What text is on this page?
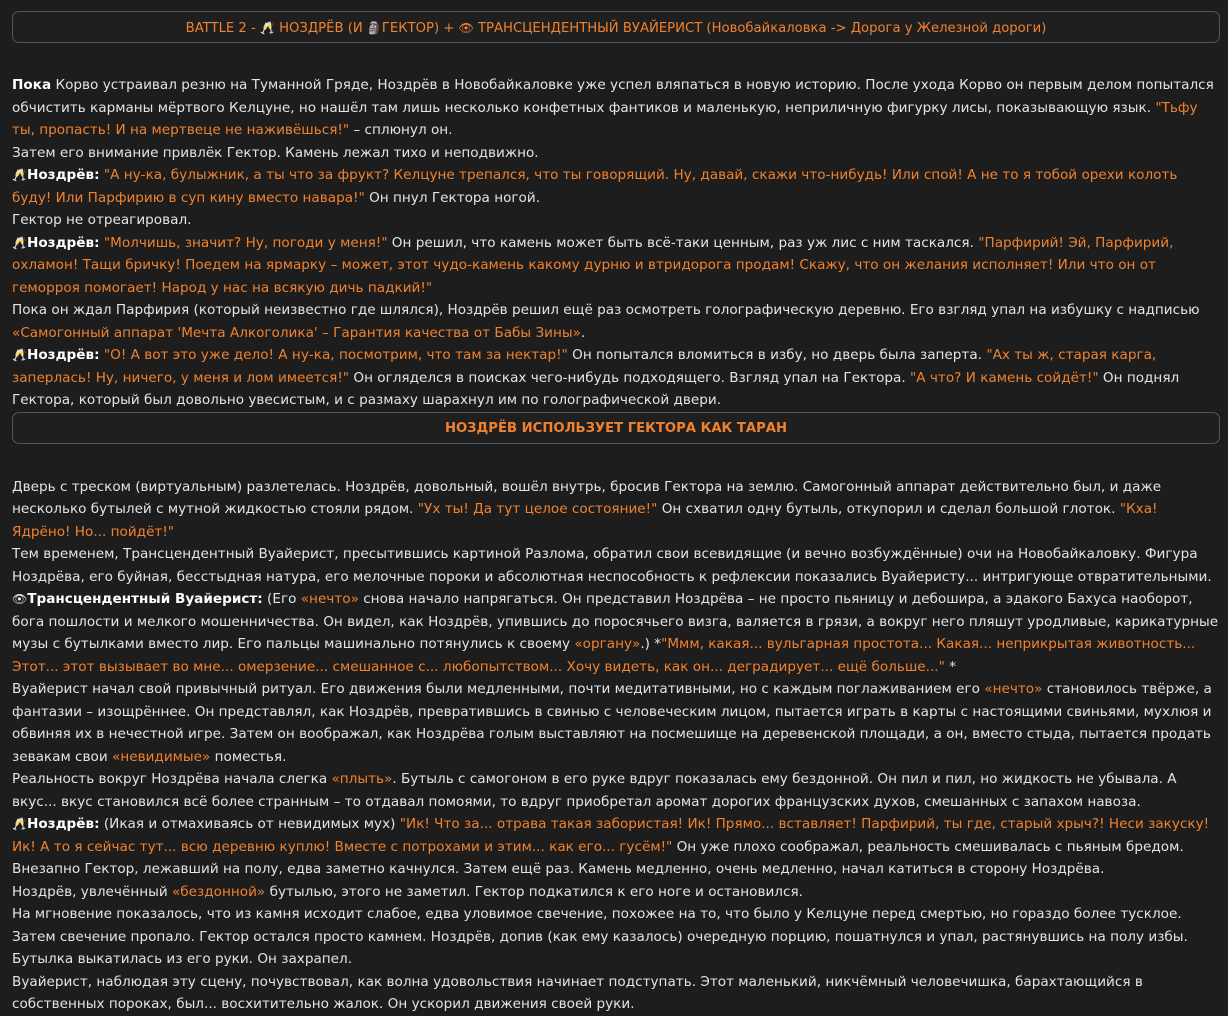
BATTLE 2 - 🥂 НОЗДРЁВ (И 🗿ГЕКТОР) + 👁 ТРАНСЦЕНДЕНТНЫЙ ВУАЙЕРИСТ (Новобайкаловка -> Дорога у Железной дороги)

Пока Корво устраивал резню на Туманной Гряде, Ноздрёв в Новобайкаловке уже успел вляпаться в новую историю. После ухода Корво он первым делом попытался обчистить карманы мёртвого Келцуне, но нашёл там лишь несколько конфетных фантиков и маленькую, неприличную фигурку лисы, показывающую язык. "Тьфу ты, пропасть! И на мертвеце не наживёшься!" – сплюнул он.

Затем его внимание привлёк Гектор. Камень лежал тихо и неподвижно.

🥂Ноздрёв: "А ну-ка, булыжник, а ты что за фрукт? Келцуне трепался, что ты говорящий. Ну, давай, скажи что-нибудь! Или спой! А не то я тобой орехи колоть буду! Или Парфирию в суп кину вместо навара!" Он пнул Гектора ногой.

Гектор не отреагировал.

🥂Ноздрёв: "Молчишь, значит? Ну, погоди у меня!" Он решил, что камень может быть всё-таки ценным, раз уж лис с ним таскался. "Парфирий! Эй, Парфирий, охламон! Тащи бричку! Поедем на ярмарку – может, этот чудо-камень какому дурню и втридорога продам! Скажу, что он желания исполняет! Или что он от геморроя помогает! Народ у нас на всякую дичь падкий!"

Пока он ждал Парфирия (который неизвестно где шлялся), Ноздрёв решил ещё раз осмотреть голографическую деревню. Его взгляд упал на избушку с надписью «Самогонный аппарат 'Мечта Алкоголика' – Гарантия качества от Бабы Зины».

🥂Ноздрёв: "О! А вот это уже дело! А ну-ка, посмотрим, что там за нектар!" Он попытался вломиться в избу, но дверь была заперта. "Ах ты ж, старая карга, заперлась! Ну, ничего, у меня и лом имеется!" Он огляделся в поисках чего-нибудь подходящего. Взгляд упал на Гектора. "А что? И камень сойдёт!" Он поднял Гектора, который был довольно увесистым, и с размаху шарахнул им по голографической двери.

НОЗДРЁВ ИСПОЛЬЗУЕТ ГЕКТОРА КАК ТАРАН

Дверь с треском (виртуальным) разлетелась. Ноздрёв, довольный, вошёл внутрь, бросив Гектора на землю. Самогонный аппарат действительно был, и даже несколько бутылей с мутной жидкостью стояли рядом. "Ух ты! Да тут целое состояние!" Он схватил одну бутыль, откупорил и сделал большой глоток. "Кха! Ядрёно! Но... пойдёт!"

Тем временем, Трансцендентный Вуайерист, пресытившись картиной Разлома, обратил свои всевидящие (и вечно возбуждённые) очи на Новобайкаловку. Фигура Ноздрёва, его буйная, бесстыдная натура, его мелочные пороки и абсолютная неспособность к рефлексии показались Вуайеристу... интригующе отвратительными.

👁Трансцендентный Вуайерист: (Его «нечто» снова начало напрягаться. Он представил Ноздрёва – не просто пьяницу и дебошира, а эдакого Бахуса наоборот, бога пошлости и мелкого мошенничества. Он видел, как Ноздрёв, упившись до поросячьего визга, валяется в грязи, а вокруг него пляшут уродливые, карикатурные музы с бутылками вместо лир. Его пальцы машинально потянулись к своему «органу».) *"Ммм, какая... вульгарная простота... Какая... неприкрытая животность... Этот... этот вызывает во мне... омерзение... смешанное с... любопытством... Хочу видеть, как он... деградирует... ещё больше..." *

Вуайерист начал свой привычный ритуал. Его движения были медленными, почти медитативными, но с каждым поглаживанием его «нечто» становилось твёрже, а фантазии – изощрённее. Он представлял, как Ноздрёв, превратившись в свинью с человеческим лицом, пытается играть в карты с настоящими свиньями, мухлюя и обвиняя их в нечестной игре. Затем он воображал, как Ноздрёва голым выставляют на посмешище на деревенской площади, а он, вместо стыда, пытается продать зевакам свои «невидимые» поместья.

Реальность вокруг Ноздрёва начала слегка «плыть». Бутыль с самогоном в его руке вдруг показалась ему бездонной. Он пил и пил, но жидкость не убывала. А вкус... вкус становился всё более странным – то отдавал помоями, то вдруг приобретал аромат дорогих французских духов, смешанных с запахом навоза.

🥂Ноздрёв: (Икая и отмахиваясь от невидимых мух) "Ик! Что за... отрава такая забористая! Ик! Прямо... вставляет! Парфирий, ты где, старый хрыч?! Неси закуску! Ик! А то я сейчас тут... всю деревню куплю! Вместе с потрохами и этим... как его... гусём!" Он уже плохо соображал, реальность смешивалась с пьяным бредом.

Внезапно Гектор, лежавший на полу, едва заметно качнулся. Затем ещё раз. Камень медленно, очень медленно, начал катиться в сторону Ноздрёва.

Ноздрёв, увлечённый «бездонной» бутылью, этого не заметил. Гектор подкатился к его ноге и остановился.

На мгновение показалось, что из камня исходит слабое, едва уловимое свечение, похожее на то, что было у Келцуне перед смертью, но гораздо более тусклое.

Затем свечение пропало. Гектор остался просто камнем. Ноздрёв, допив (как ему казалось) очередную порцию, пошатнулся и упал, растянувшись на полу избы. Бутылка выкатилась из его руки. Он захрапел.

Вуайерист, наблюдая эту сцену, почувствовал, как волна удовольствия начинает подступать. Этот маленький, никчёмный человечишка, барахтающийся в собственных пороках, был... восхитительно жалок. Он ускорил движения своей руки.
